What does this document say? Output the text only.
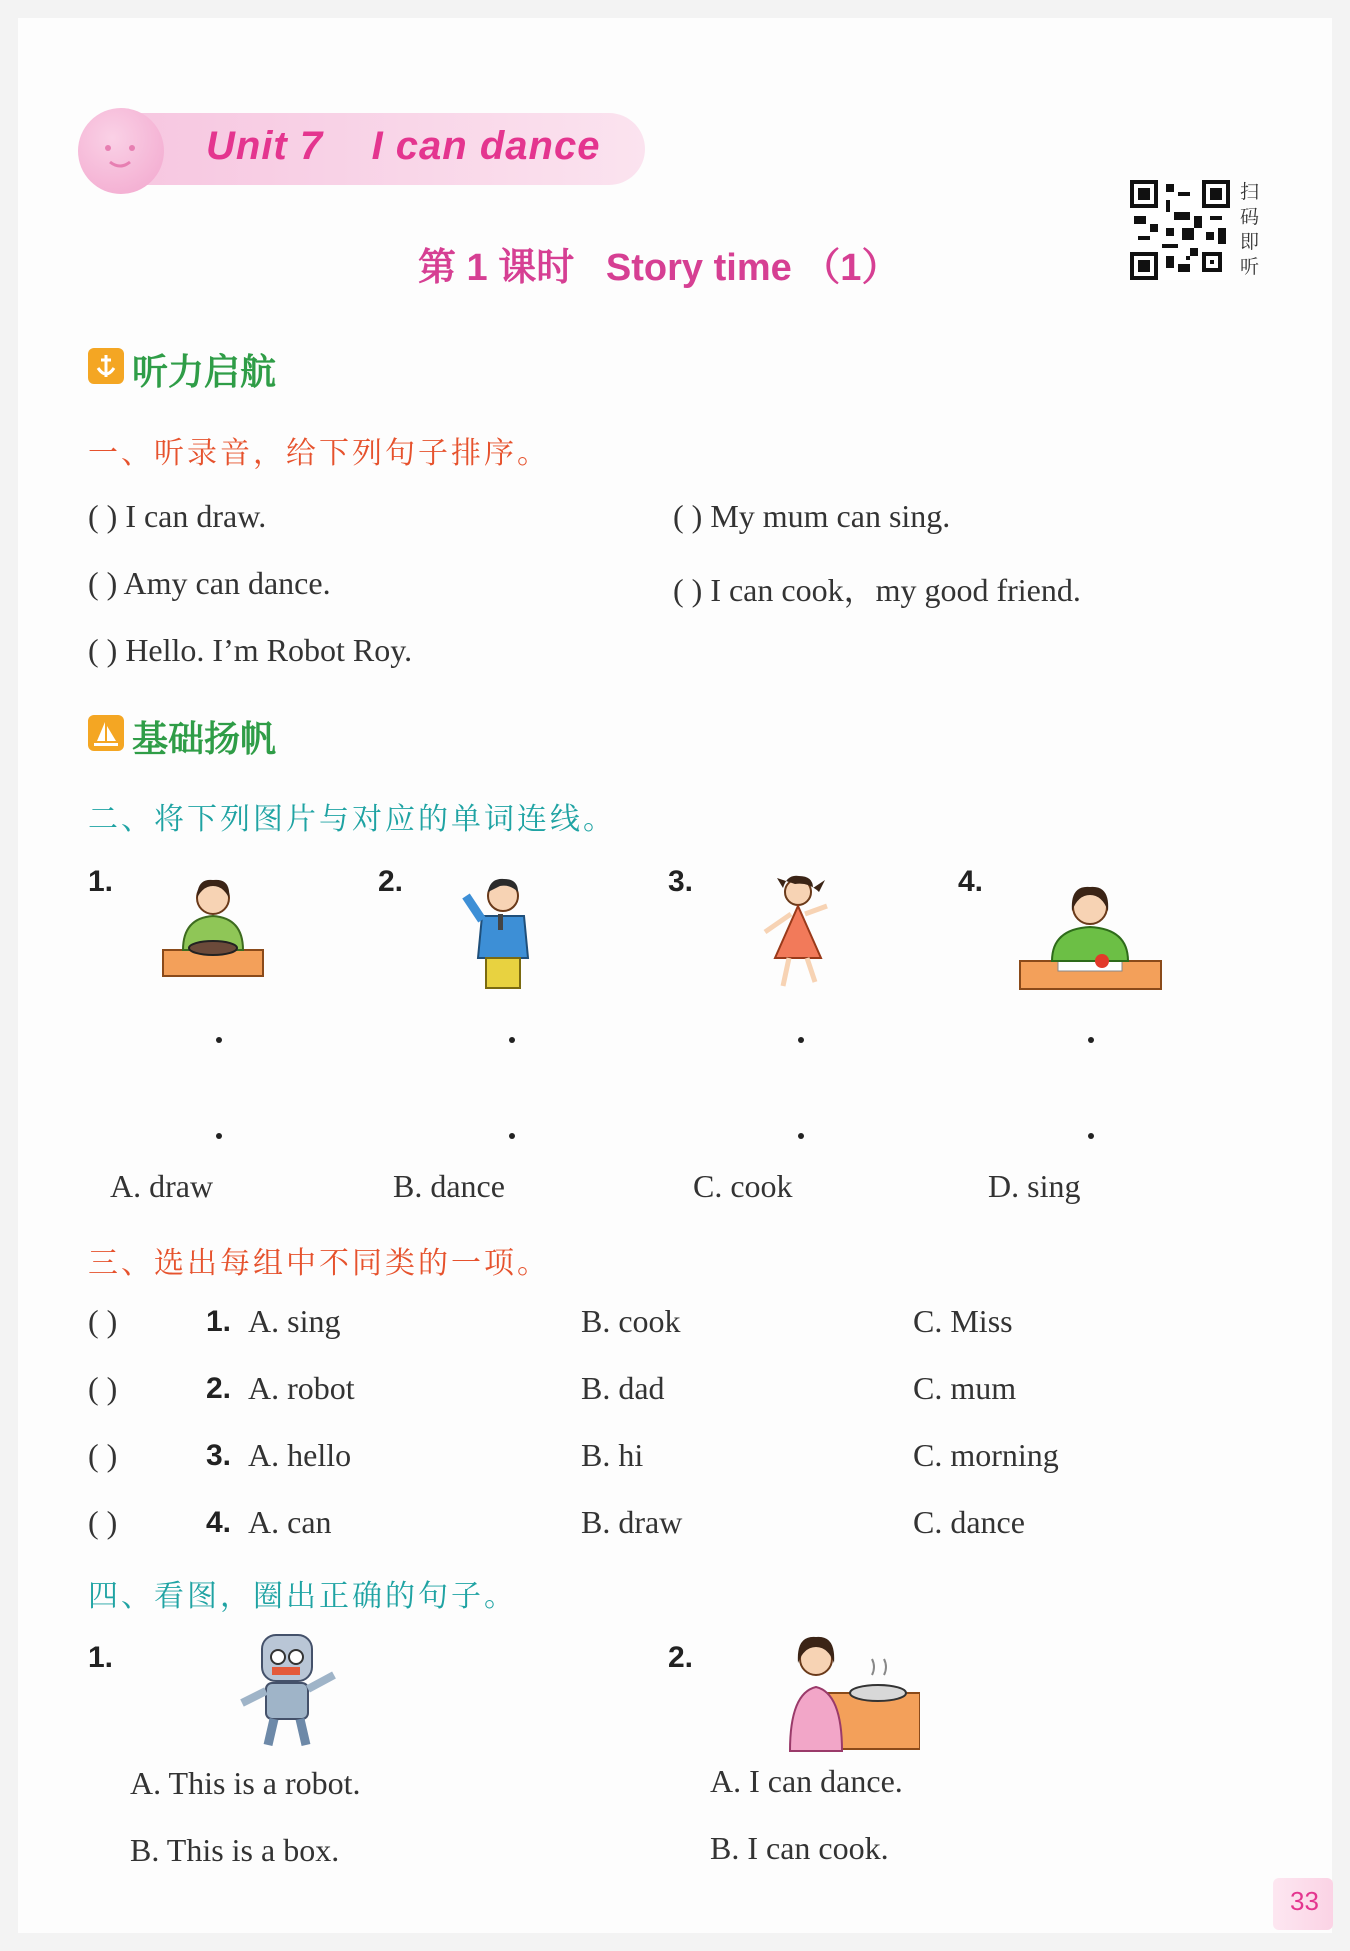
Unit 7    I can dance
第 1 课时   Story time （1）
扫
码
即
听
听力启航
一、听录音，给下列句子排序。
( ) I can draw.	( ) My mum can sing.
( ) Amy can dance.	( ) I can cook，my good friend.
( ) Hello. I’m Robot Roy.
基础扬帆
二、将下列图片与对应的单词连线。
1.	2.	3.	4.
A. draw	B. dance	C. cook	D. sing
三、选出每组中不同类的一项。
( )	1. A. sing	B. cook	C. Miss
( )	2. A. robot	B. dad	C. mum
( )	3. A. hello	B. hi	C. morning
( )	4. A. can	B. draw	C. dance
四、看图，圈出正确的句子。
1.
A. This is a robot.
B. This is a box.
2.
A. I can dance.
B. I can cook.
33
